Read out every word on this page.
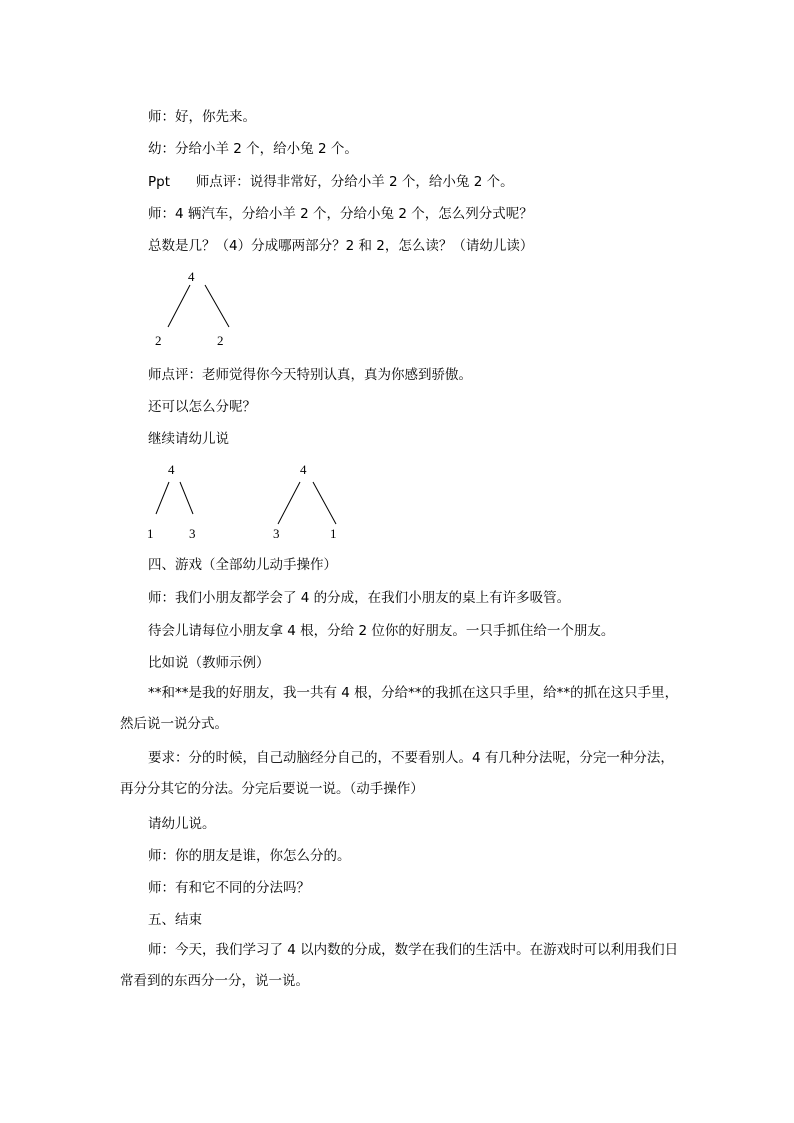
师：好，你先来。
幼：分给小羊 2 个，给小兔 2 个。
Ppt      师点评：说得非常好，分给小羊 2 个，给小兔 2 个。
师：4 辆汽车，分给小羊 2 个，分给小兔 2 个，怎么列分式呢？
总数是几？（4）分成哪两部分？2 和 2，怎么读？（请幼儿读）
4
2	2
师点评：老师觉得你今天特别认真，真为你感到骄傲。
还可以怎么分呢？
继续请幼儿说
4
1	3
4
3	1
四、游戏（全部幼儿动手操作）
师：我们小朋友都学会了 4 的分成，在我们小朋友的桌上有许多吸管。
待会儿请每位小朋友拿 4 根，分给 2 位你的好朋友。一只手抓住给一个朋友。
比如说（教师示例）
**和**是我的好朋友，我一共有 4 根，分给**的我抓在这只手里，给**的抓在这只手里，然后说一说分式。
要求：分的时候，自己动脑经分自己的，不要看别人。4 有几种分法呢，分完一种分法，再分分其它的分法。分完后要说一说。（动手操作）
请幼儿说。
师：你的朋友是谁，你怎么分的。
师：有和它不同的分法吗？
五、结束
师：今天，我们学习了 4 以内数的分成，数学在我们的生活中。在游戏时可以利用我们日常看到的东西分一分，说一说。
